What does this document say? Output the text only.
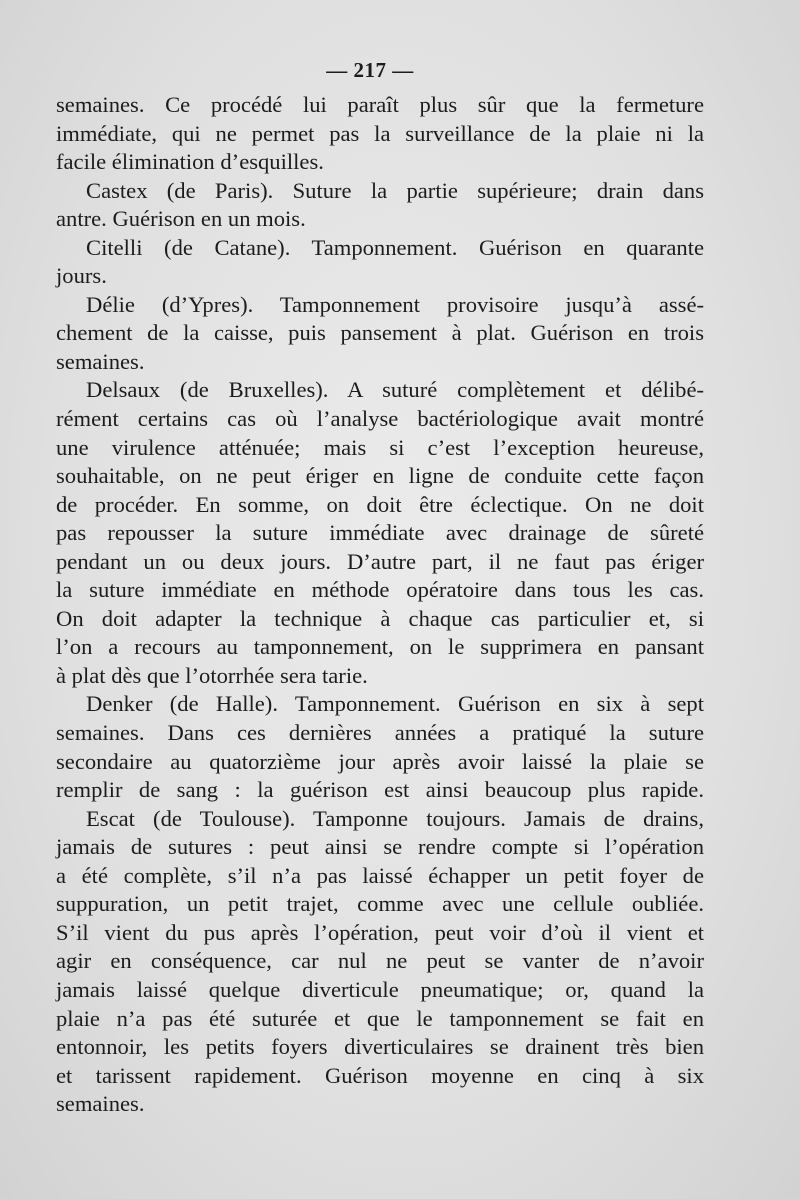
— 217 —
semaines. Ce procédé lui paraît plus sûr que la fermeture
immédiate, qui ne permet pas la surveillance de la plaie ni la
facile élimination d’esquilles.
Castex (de Paris). Suture la partie supérieure; drain dans
antre. Guérison en un mois.
Citelli (de Catane). Tamponnement. Guérison en quarante
jours.
Délie (d’Ypres). Tamponnement provisoire jusqu’à assé-
chement de la caisse, puis pansement à plat. Guérison en trois
semaines.
Delsaux (de Bruxelles). A suturé complètement et délibé-
rément certains cas où l’analyse bactériologique avait montré
une virulence atténuée; mais si c’est l’exception heureuse,
souhaitable, on ne peut ériger en ligne de conduite cette façon
de procéder. En somme, on doit être éclectique. On ne doit
pas repousser la suture immédiate avec drainage de sûreté
pendant un ou deux jours. D’autre part, il ne faut pas ériger
la suture immédiate en méthode opératoire dans tous les cas.
On doit adapter la technique à chaque cas particulier et, si
l’on a recours au tamponnement, on le supprimera en pansant
à plat dès que l’otorrhée sera tarie.
Denker (de Halle). Tamponnement. Guérison en six à sept
semaines. Dans ces dernières années a pratiqué la suture
secondaire au quatorzième jour après avoir laissé la plaie se
remplir de sang : la guérison est ainsi beaucoup plus rapide.
Escat (de Toulouse). Tamponne toujours. Jamais de drains,
jamais de sutures : peut ainsi se rendre compte si l’opération
a été complète, s’il n’a pas laissé échapper un petit foyer de
suppuration, un petit trajet, comme avec une cellule oubliée.
S’il vient du pus après l’opération, peut voir d’où il vient et
agir en conséquence, car nul ne peut se vanter de n’avoir
jamais laissé quelque diverticule pneumatique; or, quand la
plaie n’a pas été suturée et que le tamponnement se fait en
entonnoir, les petits foyers diverticulaires se drainent très bien
et tarissent rapidement. Guérison moyenne en cinq à six
semaines.
